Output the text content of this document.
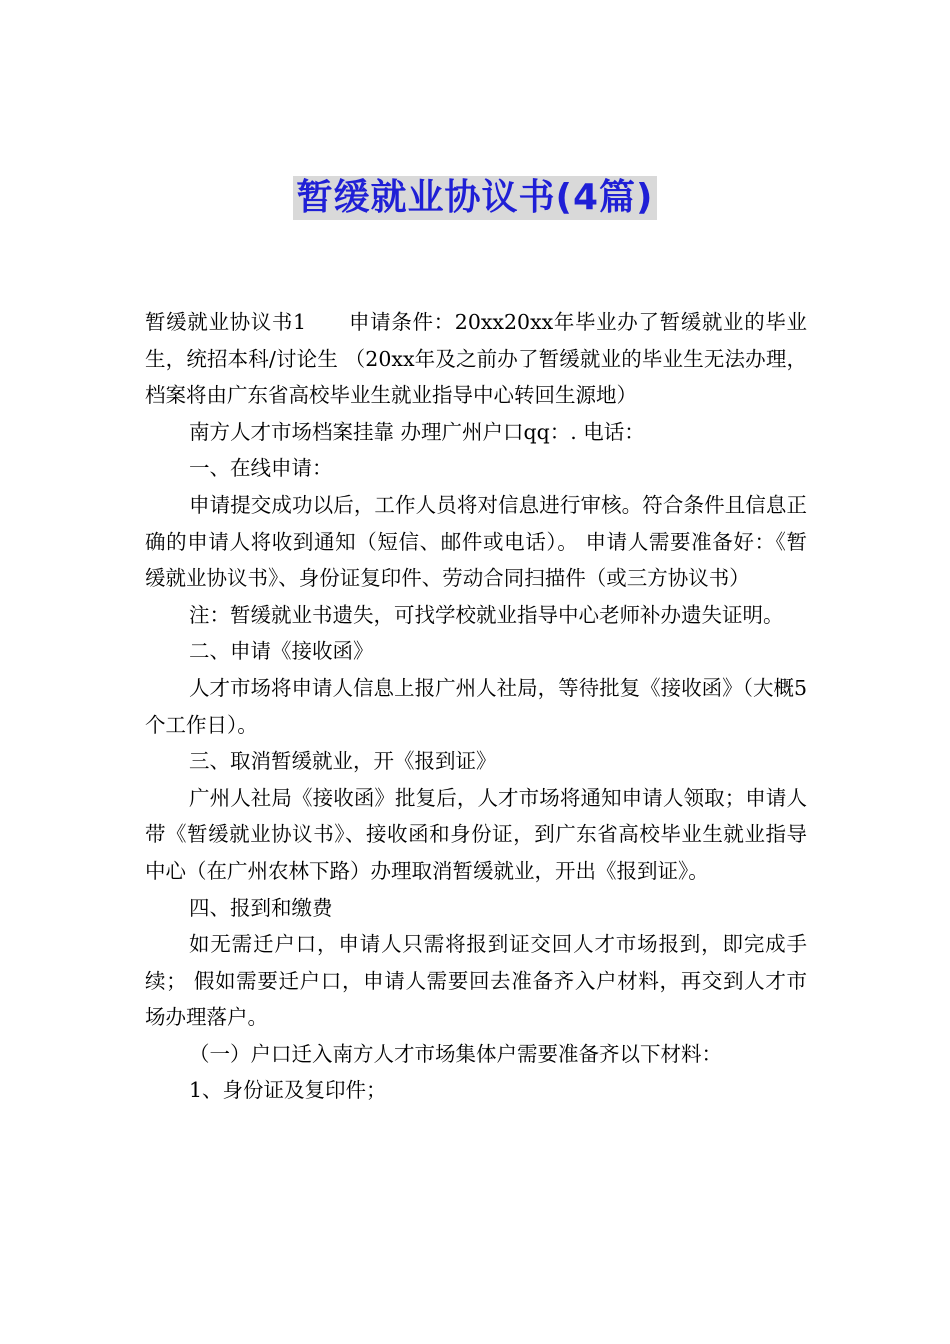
暂缓就业协议书(4篇)

暂缓就业协议书1　　申请条件：20xx20xx年毕业办了暂缓就业的毕业生，统招本科/讨论生 （20xx年及之前办了暂缓就业的毕业生无法办理，档案将由广东省高校毕业生就业指导中心转回生源地）

南方人才市场档案挂靠 办理广州户口qq：. 电话：

一、在线申请：

申请提交成功以后，工作人员将对信息进行审核。符合条件且信息正确的申请人将收到通知（短信、邮件或电话）。 申请人需要准备好：《暂缓就业协议书》、身份证复印件、劳动合同扫描件（或三方协议书）

注：暂缓就业书遗失，可找学校就业指导中心老师补办遗失证明。

二、申请《接收函》

人才市场将申请人信息上报广州人社局，等待批复《接收函》（大概5个工作日）。

三、取消暂缓就业，开《报到证》

广州人社局《接收函》批复后，人才市场将通知申请人领取；申请人带《暂缓就业协议书》、接收函和身份证，到广东省高校毕业生就业指导中心（在广州农林下路）办理取消暂缓就业，开出《报到证》。

四、报到和缴费

如无需迁户口，申请人只需将报到证交回人才市场报到，即完成手续； 假如需要迁户口，申请人需要回去准备齐入户材料，再交到人才市场办理落户。

（一）户口迁入南方人才市场集体户需要准备齐以下材料：

1、身份证及复印件；
